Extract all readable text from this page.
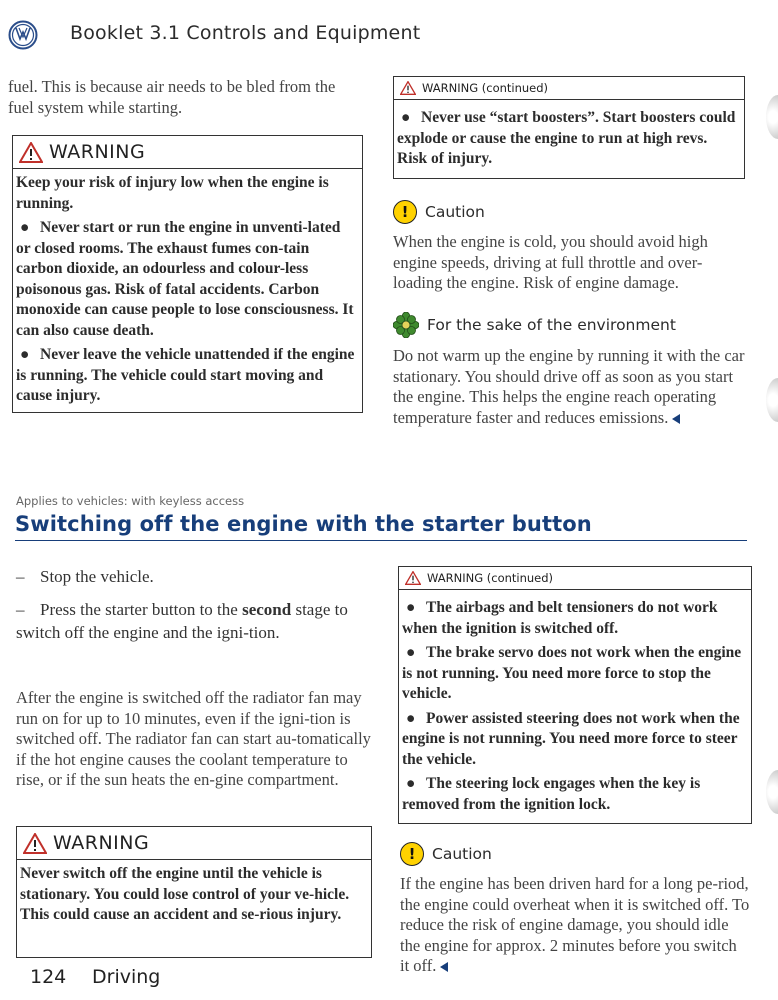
Booklet 3.1 Controls and Equipment

fuel. This is because air needs to be bled from the fuel system while starting.

WARNING

Keep your risk of injury low when the engine is running.

● Never start or run the engine in unventi-lated or closed rooms. The exhaust fumes con-tain carbon dioxide, an odourless and colour-less poisonous gas. Risk of fatal accidents. Carbon monoxide can cause people to lose consciousness. It can also cause death.

● Never leave the vehicle unattended if the engine is running. The vehicle could start moving and cause injury.

WARNING (continued)

● Never use “start boosters”. Start boosters could explode or cause the engine to run at high revs. Risk of injury.

!	Caution
When the engine is cold, you should avoid high engine speeds, driving at full throttle and over-loading the engine. Risk of engine damage.
For the sake of the environment
Do not warm up the engine by running it with the car stationary. You should drive off as soon as you start the engine. This helps the engine reach operating temperature faster and reduces emissions.
Applies to vehicles: with keyless access
Switching off the engine with the starter button
– Stop the vehicle.
– Press the starter button to the second stage to switch off the engine and the igni-tion.
After the engine is switched off the radiator fan may run on for up to 10 minutes, even if the igni-tion is switched off. The radiator fan can start au-tomatically if the hot engine causes the coolant temperature to rise, or if the sun heats the en-gine compartment.
WARNING

Never switch off the engine until the vehicle is stationary. You could lose control of your ve-hicle. This could cause an accident and se-rious injury.

WARNING (continued)

● The airbags and belt tensioners do not work when the ignition is switched off.

● The brake servo does not work when the engine is not running. You need more force to stop the vehicle.

● Power assisted steering does not work when the engine is not running. You need more force to steer the vehicle.

● The steering lock engages when the key is removed from the ignition lock.

!	Caution
If the engine has been driven hard for a long pe-riod, the engine could overheat when it is switched off. To reduce the risk of engine damage, you should idle the engine for approx. 2 minutes before you switch it off.
124 Driving
